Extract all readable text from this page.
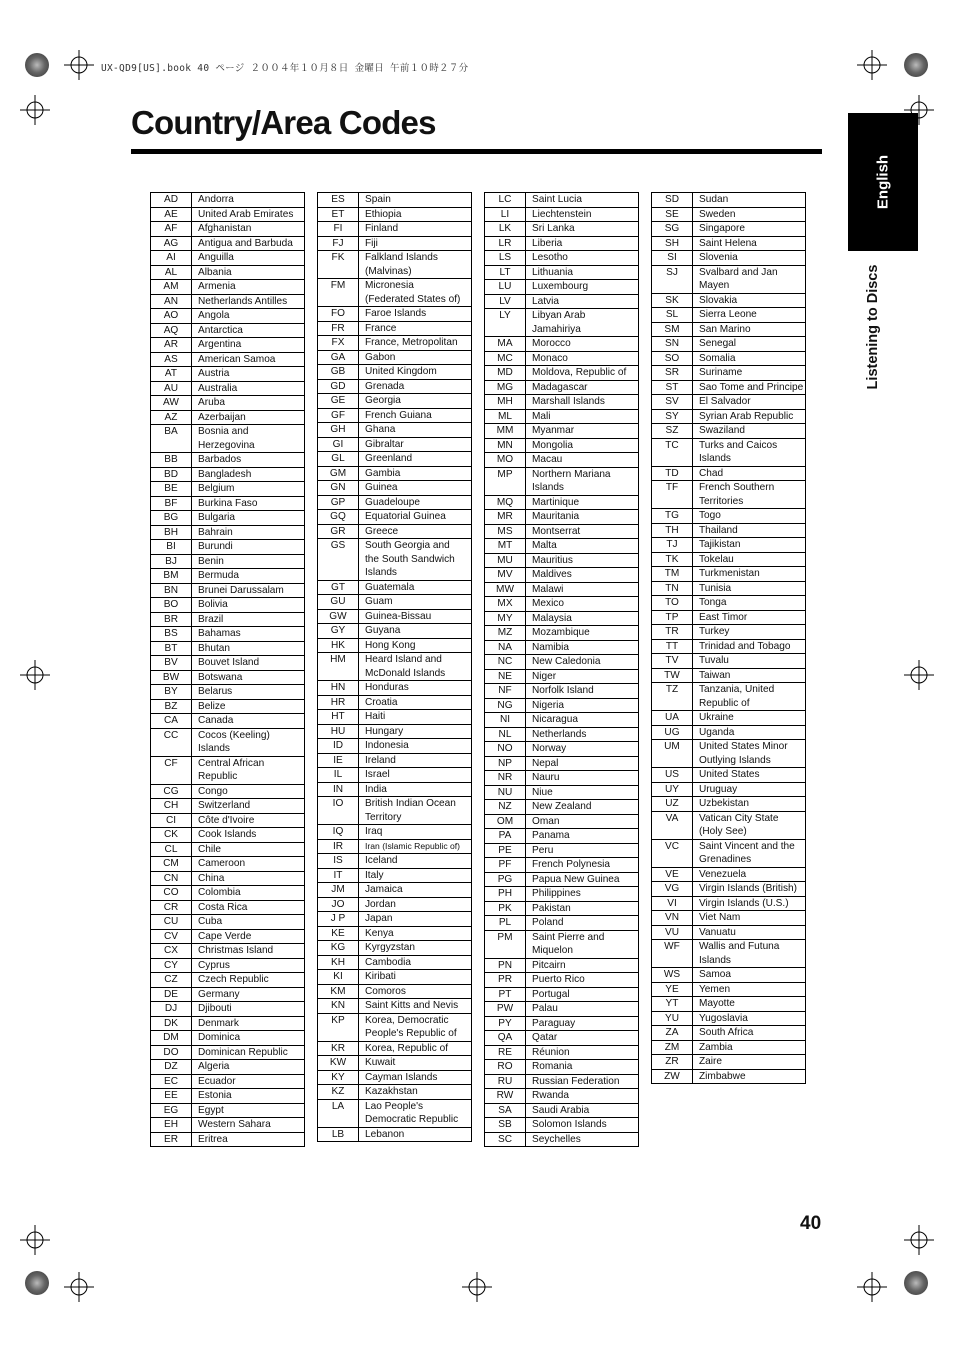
UX-QD9[US].book 40 ページ ２００４年１０月８日 金曜日 午前１０時２７分
Country/Area Codes
English
Listening to Discs
AD	Andorra
AE	United Arab Emirates
AF	Afghanistan
AG	Antigua and Barbuda
AI	Anguilla
AL	Albania
AM	Armenia
AN	Netherlands Antilles
AO	Angola
AQ	Antarctica
AR	Argentina
AS	American Samoa
AT	Austria
AU	Australia
AW	Aruba
AZ	Azerbaijan
BA	Bosnia and
	Herzegovina
BB	Barbados
BD	Bangladesh
BE	Belgium
BF	Burkina Faso
BG	Bulgaria
BH	Bahrain
BI	Burundi
BJ	Benin
BM	Bermuda
BN	Brunei Darussalam
BO	Bolivia
BR	Brazil
BS	Bahamas
BT	Bhutan
BV	Bouvet Island
BW	Botswana
BY	Belarus
BZ	Belize
CA	Canada
CC	Cocos (Keeling)
	Islands
CF	Central African
	Republic
CG	Congo
CH	Switzerland
CI	Côte d'Ivoire
CK	Cook Islands
CL	Chile
CM	Cameroon
CN	China
CO	Colombia
CR	Costa Rica
CU	Cuba
CV	Cape Verde
CX	Christmas Island
CY	Cyprus
CZ	Czech Republic
DE	Germany
DJ	Djibouti
DK	Denmark
DM	Dominica
DO	Dominican Republic
DZ	Algeria
EC	Ecuador
EE	Estonia
EG	Egypt
EH	Western Sahara
ER	Eritrea
ES	Spain
ET	Ethiopia
FI	Finland
FJ	Fiji
FK	Falkland Islands
	(Malvinas)
FM	Micronesia
	(Federated States of)
FO	Faroe Islands
FR	France
FX	France, Metropolitan
GA	Gabon
GB	United Kingdom
GD	Grenada
GE	Georgia
GF	French Guiana
GH	Ghana
GI	Gibraltar
GL	Greenland
GM	Gambia
GN	Guinea
GP	Guadeloupe
GQ	Equatorial Guinea
GR	Greece
GS	South Georgia and
	the South Sandwich
	Islands
GT	Guatemala
GU	Guam
GW	Guinea-Bissau
GY	Guyana
HK	Hong Kong
HM	Heard Island and
	McDonald Islands
HN	Honduras
HR	Croatia
HT	Haiti
HU	Hungary
ID	Indonesia
IE	Ireland
IL	Israel
IN	India
IO	British Indian Ocean
	Territory
IQ	Iraq
IR	Iran (Islamic Republic of)
IS	Iceland
IT	Italy
JM	Jamaica
JO	Jordan
J P	Japan
KE	Kenya
KG	Kyrgyzstan
KH	Cambodia
KI	Kiribati
KM	Comoros
KN	Saint Kitts and Nevis
KP	Korea, Democratic
	People's Republic of
KR	Korea, Republic of
KW	Kuwait
KY	Cayman Islands
KZ	Kazakhstan
LA	Lao People's
	Democratic Republic
LB	Lebanon
LC	Saint Lucia
LI	Liechtenstein
LK	Sri Lanka
LR	Liberia
LS	Lesotho
LT	Lithuania
LU	Luxembourg
LV	Latvia
LY	Libyan Arab
	Jamahiriya
MA	Morocco
MC	Monaco
MD	Moldova, Republic of
MG	Madagascar
MH	Marshall Islands
ML	Mali
MM	Myanmar
MN	Mongolia
MO	Macau
MP	Northern Mariana
	Islands
MQ	Martinique
MR	Mauritania
MS	Montserrat
MT	Malta
MU	Mauritius
MV	Maldives
MW	Malawi
MX	Mexico
MY	Malaysia
MZ	Mozambique
NA	Namibia
NC	New Caledonia
NE	Niger
NF	Norfolk Island
NG	Nigeria
NI	Nicaragua
NL	Netherlands
NO	Norway
NP	Nepal
NR	Nauru
NU	Niue
NZ	New Zealand
OM	Oman
PA	Panama
PE	Peru
PF	French Polynesia
PG	Papua New Guinea
PH	Philippines
PK	Pakistan
PL	Poland
PM	Saint Pierre and
	Miquelon
PN	Pitcairn
PR	Puerto Rico
PT	Portugal
PW	Palau
PY	Paraguay
QA	Qatar
RE	Réunion
RO	Romania
RU	Russian Federation
RW	Rwanda
SA	Saudi Arabia
SB	Solomon Islands
SC	Seychelles
SD	Sudan
SE	Sweden
SG	Singapore
SH	Saint Helena
SI	Slovenia
SJ	Svalbard and Jan
	Mayen
SK	Slovakia
SL	Sierra Leone
SM	San Marino
SN	Senegal
SO	Somalia
SR	Suriname
ST	Sao Tome and Principe
SV	El Salvador
SY	Syrian Arab Republic
SZ	Swaziland
TC	Turks and Caicos
	Islands
TD	Chad
TF	French Southern
	Territories
TG	Togo
TH	Thailand
TJ	Tajikistan
TK	Tokelau
TM	Turkmenistan
TN	Tunisia
TO	Tonga
TP	East Timor
TR	Turkey
TT	Trinidad and Tobago
TV	Tuvalu
TW	Taiwan
TZ	Tanzania, United
	Republic of
UA	Ukraine
UG	Uganda
UM	United States Minor
	Outlying Islands
US	United States
UY	Uruguay
UZ	Uzbekistan
VA	Vatican City State
	(Holy See)
VC	Saint Vincent and the
	Grenadines
VE	Venezuela
VG	Virgin Islands (British)
VI	Virgin Islands (U.S.)
VN	Viet Nam
VU	Vanuatu
WF	Wallis and Futuna
	Islands
WS	Samoa
YE	Yemen
YT	Mayotte
YU	Yugoslavia
ZA	South Africa
ZM	Zambia
ZR	Zaire
ZW	Zimbabwe
40
